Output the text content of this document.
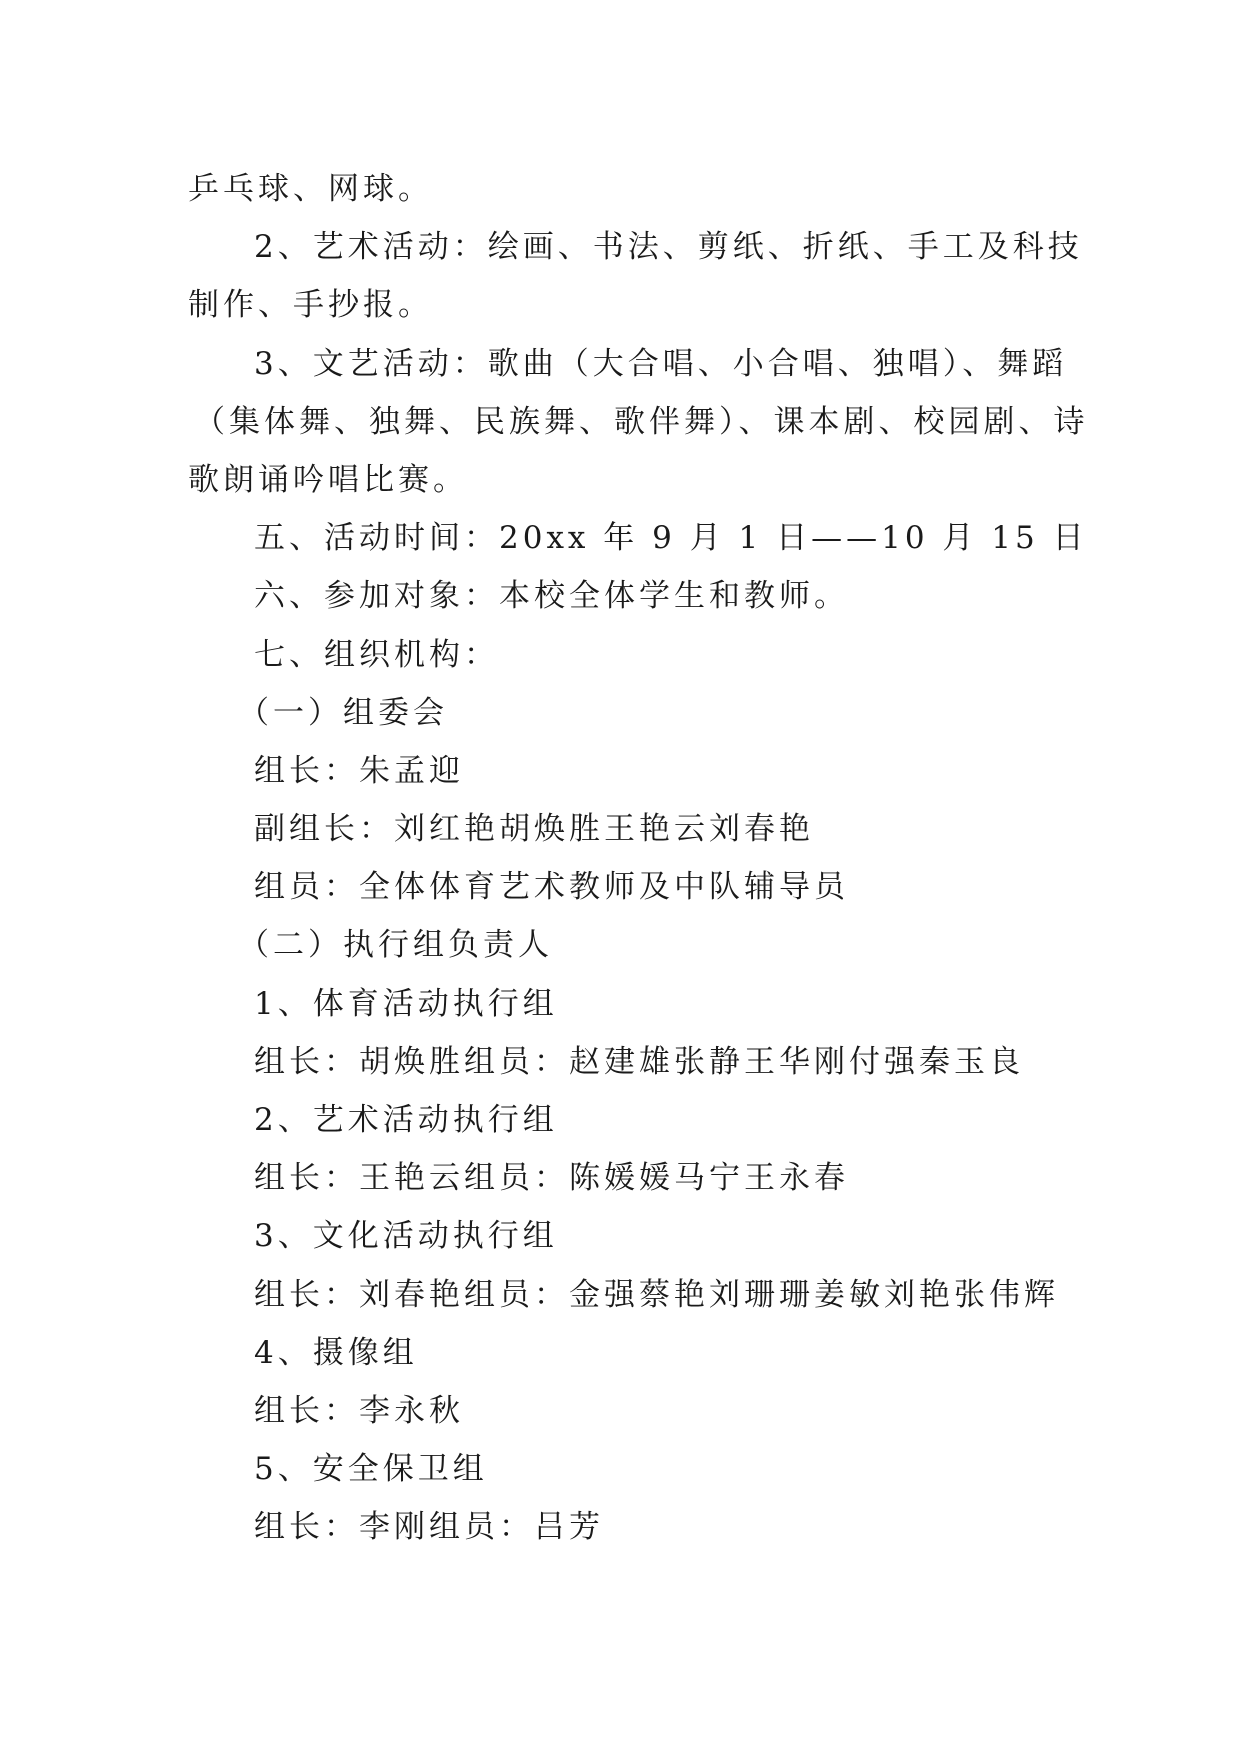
乒乓球、网球。
2、艺术活动：绘画、书法、剪纸、折纸、手工及科技
制作、手抄报。
3、文艺活动：歌曲（大合唱、小合唱、独唱）、舞蹈
（集体舞、独舞、民族舞、歌伴舞）、课本剧、校园剧、诗
歌朗诵吟唱比赛。
五、活动时间：20xx 年 9 月 1 日——10 月 15 日
六、参加对象：本校全体学生和教师。
七、组织机构：
（一）组委会
组长：朱孟迎
副组长：刘红艳胡焕胜王艳云刘春艳
组员：全体体育艺术教师及中队辅导员
（二）执行组负责人
1、体育活动执行组
组长：胡焕胜组员：赵建雄张静王华刚付强秦玉良
2、艺术活动执行组
组长：王艳云组员：陈媛媛马宁王永春
3、文化活动执行组
组长：刘春艳组员：金强蔡艳刘珊珊姜敏刘艳张伟辉
4、摄像组
组长：李永秋
5、安全保卫组
组长：李刚组员：吕芳
